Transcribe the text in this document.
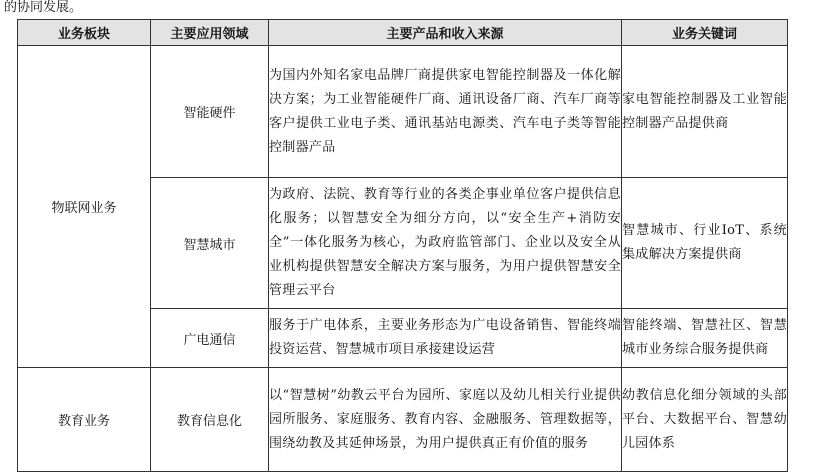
的协同发展。
业务板块	主要应用领域	主要产品和收入来源	业务关键词
物联网业务	智能硬件	为国内外知名家电品牌厂商提供家电智能控制器及一体化解决方案；为工业智能硬件厂商、通讯设备厂商、汽车厂商等客户提供工业电子类、通讯基站电源类、汽车电子类等智能控制器产品	家电智能控制器及工业智能控制器产品提供商
	智慧城市	为政府、法院、教育等行业的各类企事业单位客户提供信息化服务；以智慧安全为细分方向，以“安全生产+消防安全”一体化服务为核心，为政府监管部门、企业以及安全从业机构提供智慧安全解决方案与服务，为用户提供智慧安全管理云平台	智慧城市、行业IoT、系统集成解决方案提供商
	广电通信	服务于广电体系，主要业务形态为广电设备销售、智能终端投资运营、智慧城市项目承接建设运营	智能终端、智慧社区、智慧城市业务综合服务提供商
教育业务	教育信息化	以“智慧树”幼教云平台为园所、家庭以及幼儿相关行业提供园所服务、家庭服务、教育内容、金融服务、管理数据等，围绕幼教及其延伸场景，为用户提供真正有价值的服务	幼教信息化细分领域的头部平台、大数据平台、智慧幼儿园体系
